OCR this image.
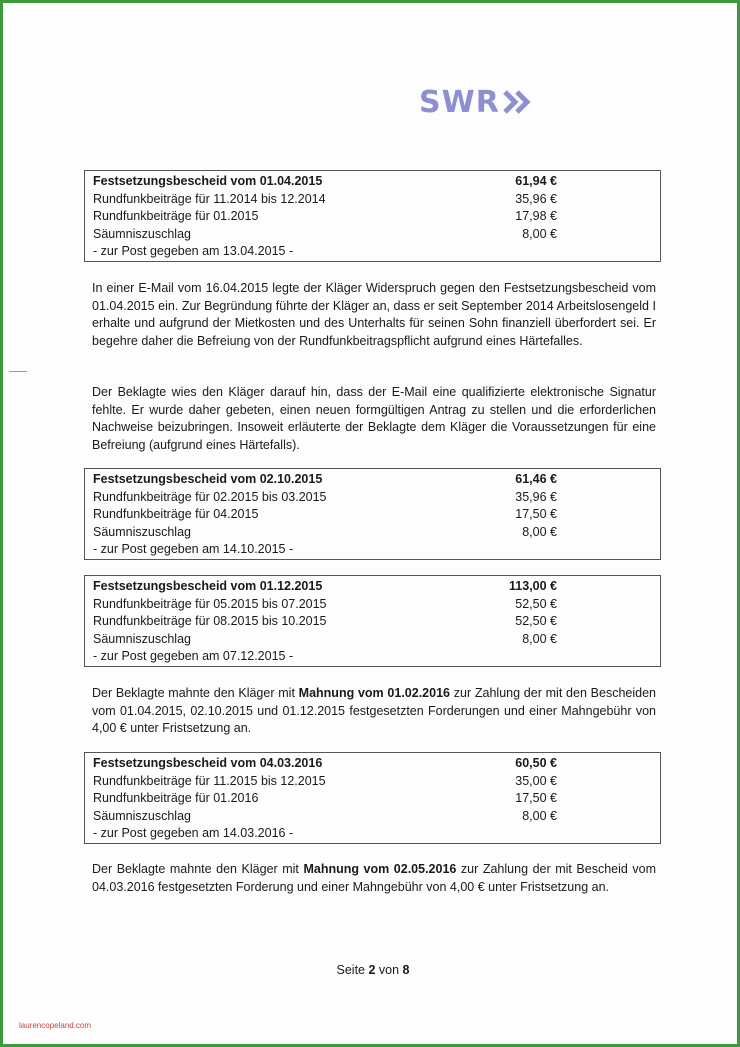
SWR
Festsetzungsbescheid vom 01.04.2015	61,94 €
Rundfunkbeiträge für 11.2014 bis 12.2014	35,96 €
Rundfunkbeiträge für 01.2015	17,98 €
Säumniszuschlag	8,00 €
- zur Post gegeben am 13.04.2015 -

In einer E-Mail vom 16.04.2015 legte der Kläger Widerspruch gegen den Festsetzungsbescheid vom 01.04.2015 ein. Zur Begründung führte der Kläger an, dass er seit September 2014 Arbeitslosengeld I erhalte und aufgrund der Mietkosten und des Unterhalts für seinen Sohn finanziell überfordert sei. Er begehre daher die Befreiung von der Rundfunkbeitragspflicht aufgrund eines Härtefalles.

Der Beklagte wies den Kläger darauf hin, dass der E-Mail eine qualifizierte elektronische Signatur fehlte. Er wurde daher gebeten, einen neuen formgültigen Antrag zu stellen und die erforderlichen Nachweise beizubringen. Insoweit erläuterte der Beklagte dem Kläger die Voraussetzungen für eine Befreiung (aufgrund eines Härtefalls).

Festsetzungsbescheid vom 02.10.2015	61,46 €
Rundfunkbeiträge für 02.2015 bis 03.2015	35,96 €
Rundfunkbeiträge für 04.2015	17,50 €
Säumniszuschlag	8,00 €
- zur Post gegeben am 14.10.2015 -
Festsetzungsbescheid vom 01.12.2015	113,00 €
Rundfunkbeiträge für 05.2015 bis 07.2015	52,50 €
Rundfunkbeiträge für 08.2015 bis 10.2015	52,50 €
Säumniszuschlag	8,00 €
- zur Post gegeben am 07.12.2015 -

Der Beklagte mahnte den Kläger mit Mahnung vom 01.02.2016 zur Zahlung der mit den Bescheiden vom 01.04.2015, 02.10.2015 und 01.12.2015 festgesetzten Forderungen und einer Mahngebühr von 4,00 € unter Fristsetzung an.

Festsetzungsbescheid vom 04.03.2016	60,50 €
Rundfunkbeiträge für 11.2015 bis 12.2015	35,00 €
Rundfunkbeiträge für 01.2016	17,50 €
Säumniszuschlag	8,00 €
- zur Post gegeben am 14.03.2016 -

Der Beklagte mahnte den Kläger mit Mahnung vom 02.05.2016 zur Zahlung der mit Bescheid vom 04.03.2016 festgesetzten Forderung und einer Mahngebühr von 4,00 € unter Fristsetzung an.

Seite 2 von 8
laurencopeland.com
